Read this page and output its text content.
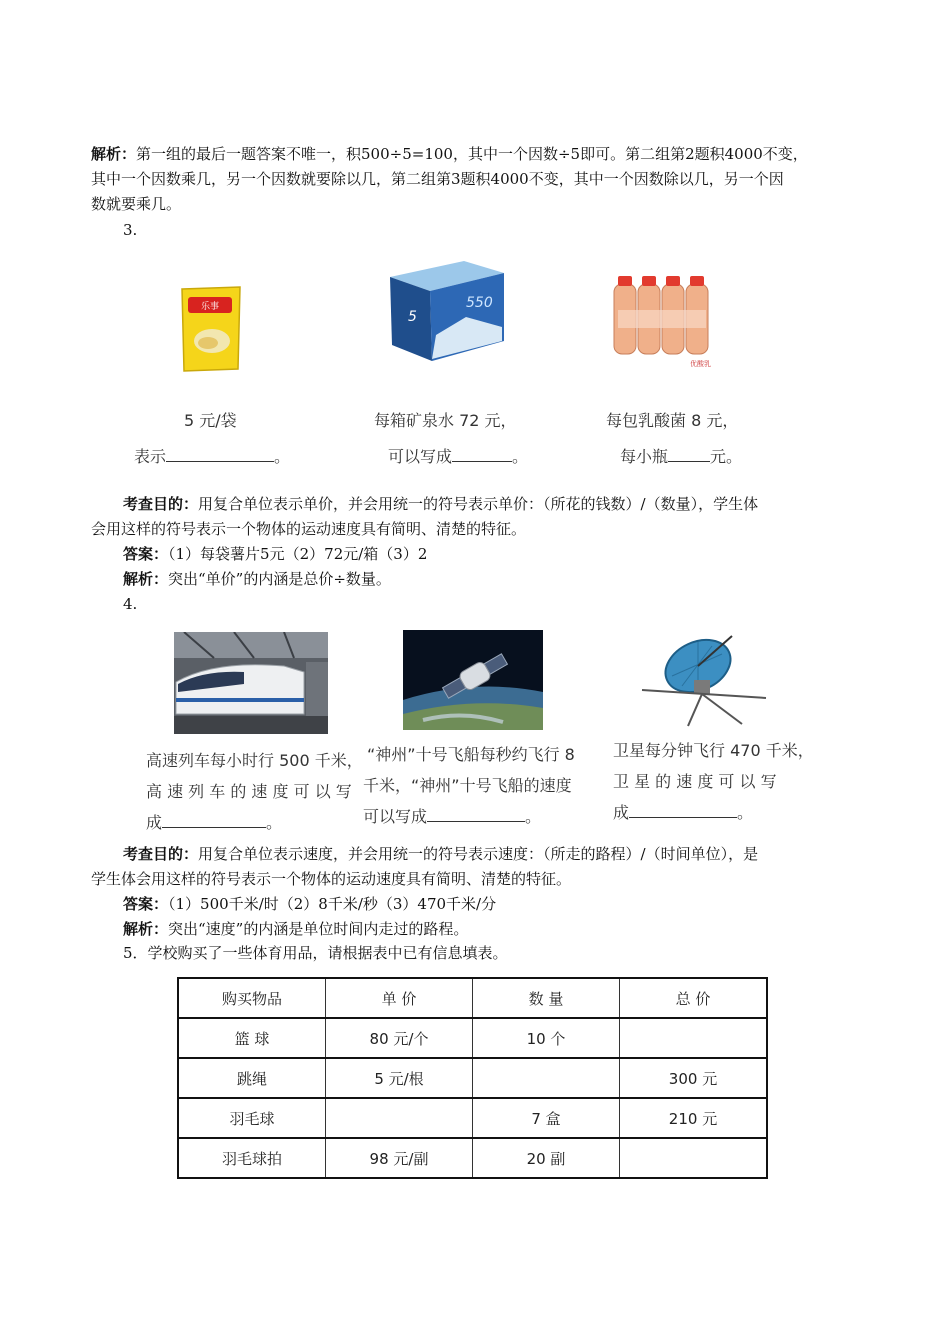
解析：第一组的最后一题答案不唯一，积500÷5=100，其中一个因数÷5即可。第二组第2题积4000不变，
其中一个因数乘几，另一个因数就要除以几，第二组第3题积4000不变，其中一个因数除以几，另一个因
数就要乘几。
3.
乐事
5
550
优酸乳
5 元/袋
表示	。
每箱矿泉水 72 元，
可以写成	。
每包乳酸菌 8 元，
每小瓶	元。
考查目的：用复合单位表示单价，并会用统一的符号表示单价：（所花的钱数）/（数量），学生体
会用这样的符号表示一个物体的运动速度具有简明、清楚的特征。
答案：（1）每袋薯片5元（2）72元/箱（3）2
解析：突出“单价”的内涵是总价÷数量。
4.
高速列车每小时行 500 千米，
高 速 列 车 的 速 度 可 以 写
成	。
“神州”十号飞船每秒约飞行 8
千米，“神州”十号飞船的速度
可以写成	。
卫星每分钟飞行 470 千米，
卫 星 的 速 度 可 以 写
成	。
考查目的：用复合单位表示速度，并会用统一的符号表示速度：（所走的路程）/（时间单位），是
学生体会用这样的符号表示一个物体的运动速度具有简明、清楚的特征。
答案：（1）500千米/时（2）8千米/秒（3）470千米/分
解析：突出“速度”的内涵是单位时间内走过的路程。
5．学校购买了一些体育用品，请根据表中已有信息填表。
购买物品	单 价	数 量	总 价
篮 球	80 元/个	10 个	
跳绳	5 元/根		300 元
羽毛球		7 盒	210 元
羽毛球拍	98 元/副	20 副	
